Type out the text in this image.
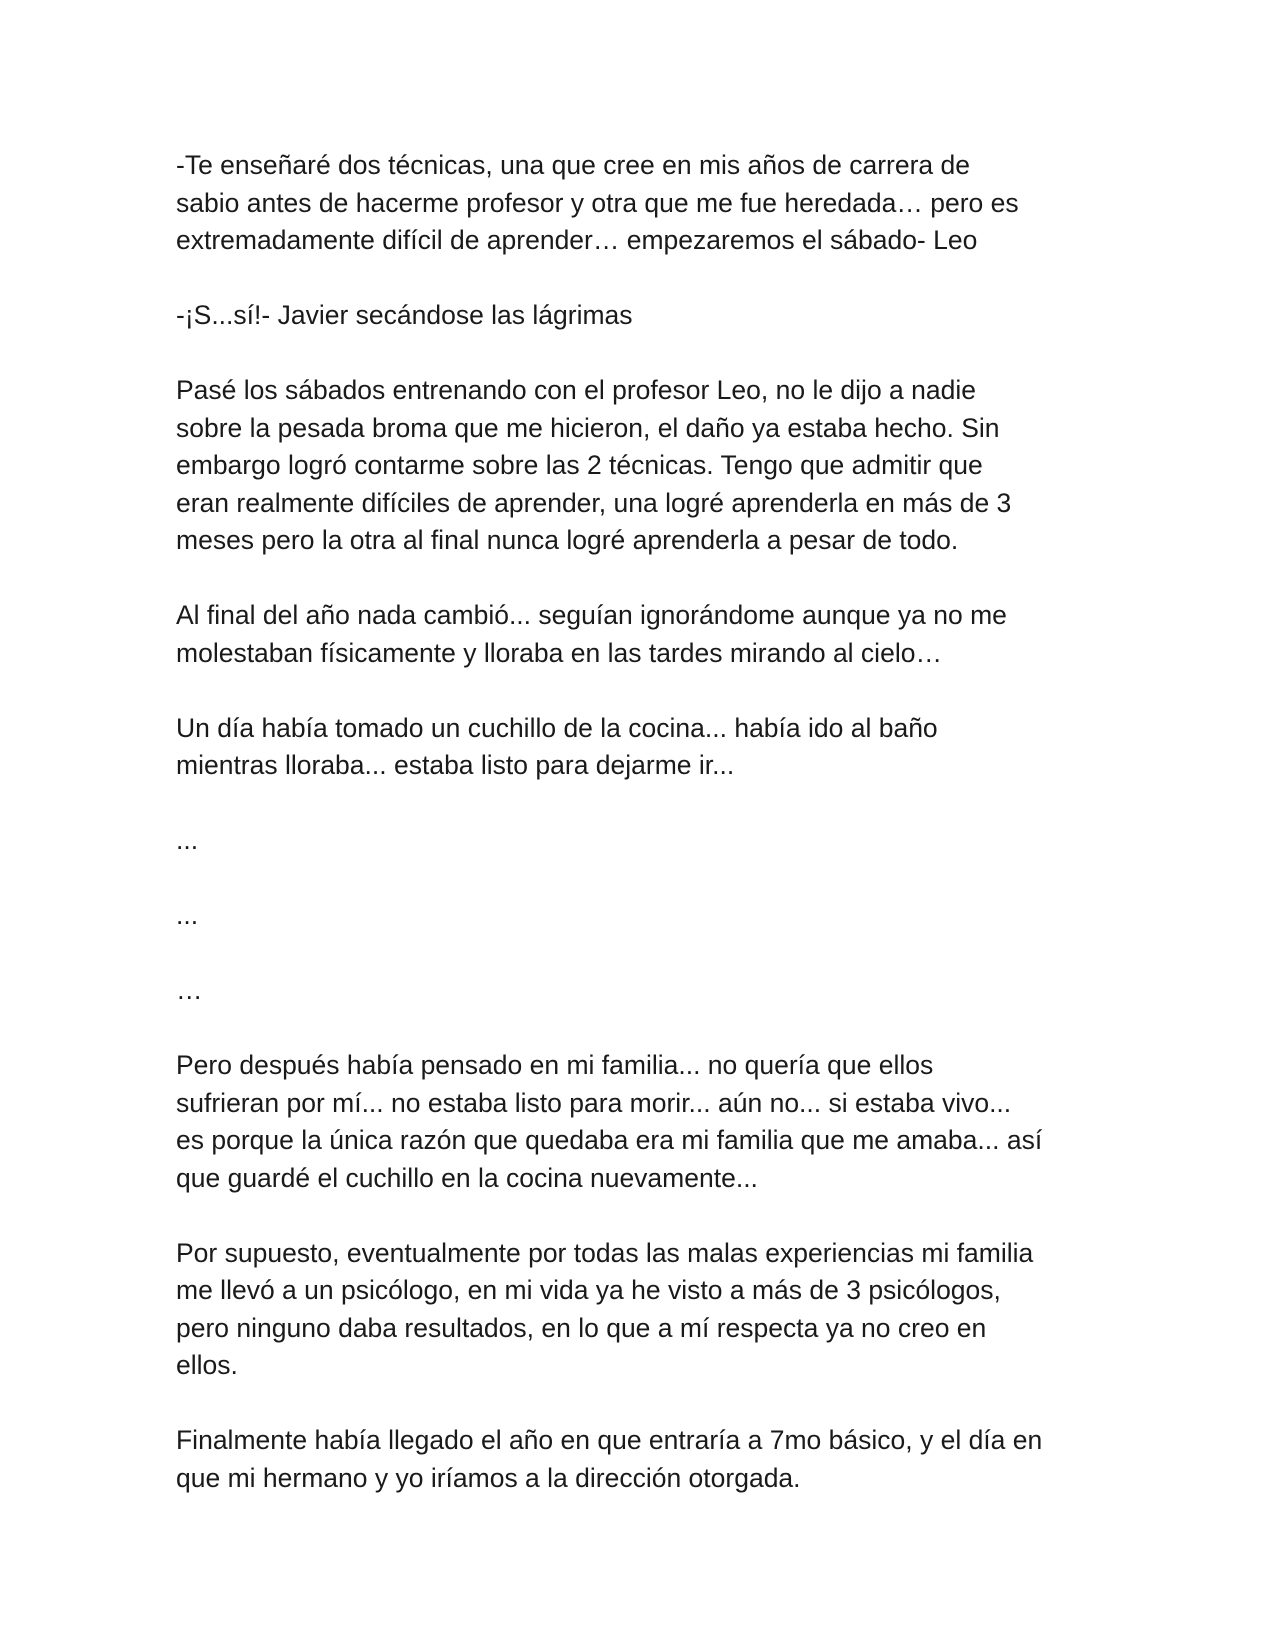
-Te enseñaré dos técnicas, una que cree en mis años de carrera de
sabio antes de hacerme profesor y otra que me fue heredada… pero es
extremadamente difícil de aprender… empezaremos el sábado- Leo

-¡S...sí!- Javier secándose las lágrimas

Pasé los sábados entrenando con el profesor Leo, no le dijo a nadie
sobre la pesada broma que me hicieron, el daño ya estaba hecho. Sin
embargo logró contarme sobre las 2 técnicas. Tengo que admitir que
eran realmente difíciles de aprender, una logré aprenderla en más de 3
meses pero la otra al final nunca logré aprenderla a pesar de todo.

Al final del año nada cambió... seguían ignorándome aunque ya no me
molestaban físicamente y lloraba en las tardes mirando al cielo…

Un día había tomado un cuchillo de la cocina... había ido al baño
mientras lloraba... estaba listo para dejarme ir...

...

...

…

Pero después había pensado en mi familia... no quería que ellos
sufrieran por mí... no estaba listo para morir... aún no... si estaba vivo...
es porque la única razón que quedaba era mi familia que me amaba... así
que guardé el cuchillo en la cocina nuevamente...

Por supuesto, eventualmente por todas las malas experiencias mi familia
me llevó a un psicólogo, en mi vida ya he visto a más de 3 psicólogos,
pero ninguno daba resultados, en lo que a mí respecta ya no creo en
ellos.

Finalmente había llegado el año en que entraría a 7mo básico, y el día en
que mi hermano y yo iríamos a la dirección otorgada.
